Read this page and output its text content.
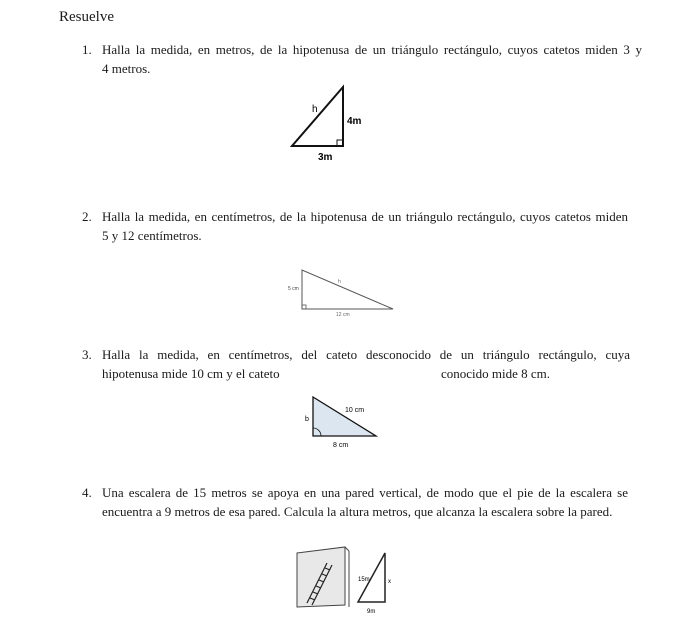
Resuelve
1. Halla la medida, en metros, de la hipotenusa de un triángulo rectángulo, cuyos catetos miden 3 y
4 metros.
h
4m
3m
2. Halla la medida, en centímetros, de la hipotenusa de un triángulo rectángulo, cuyos catetos miden
5 y 12 centímetros.
h
5 cm
12 cm
3. Halla la medida, en centímetros, del cateto desconocido de un triángulo rectángulo, cuya
hipotenusa mide 10 cm y el cateto	conocido mide 8 cm.
10 cm
b
8 cm
4. Una escalera de 15 metros se apoya en una pared vertical, de modo que el pie de la escalera se
encuentra a 9 metros de esa pared. Calcula la altura metros, que alcanza la escalera sobre la pared.
15m	x
9m
